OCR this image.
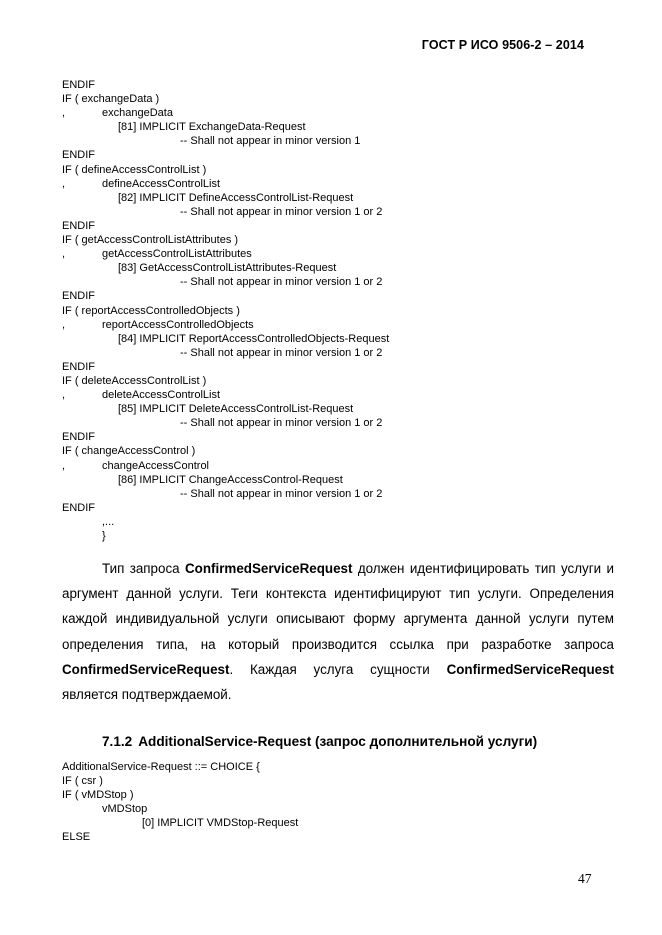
ГОСТ Р ИСО 9506-2 – 2014
ENDIF
IF ( exchangeData )
,	exchangeData
[81] IMPLICIT ExchangeData-Request
-- Shall not appear in minor version 1
ENDIF
IF ( defineAccessControlList )
,	defineAccessControlList
[82] IMPLICIT DefineAccessControlList-Request
-- Shall not appear in minor version 1 or 2
ENDIF
IF ( getAccessControlListAttributes )
,	getAccessControlListAttributes
[83] GetAccessControlListAttributes-Request
-- Shall not appear in minor version 1 or 2
ENDIF
IF ( reportAccessControlledObjects )
,	reportAccessControlledObjects
[84] IMPLICIT ReportAccessControlledObjects-Request
-- Shall not appear in minor version 1 or 2
ENDIF
IF ( deleteAccessControlList )
,	deleteAccessControlList
[85] IMPLICIT DeleteAccessControlList-Request
-- Shall not appear in minor version 1 or 2
ENDIF
IF ( changeAccessControl )
,	changeAccessControl
[86] IMPLICIT ChangeAccessControl-Request
-- Shall not appear in minor version 1 or 2
ENDIF
,...
}

Тип запроса ConfirmedServiceRequest должен идентифицировать тип услуги и аргумент данной услуги. Теги контекста идентифицируют тип услуги. Определения каждой индивидуальной услуги описывают форму аргумента данной услуги путем определения типа, на который производится ссылка при разработке запроса ConfirmedServiceRequest. Каждая услуга сущности ConfirmedServiceRequest является подтверждаемой.

7.1.2 AdditionalService-Request (запрос дополнительной услуги)
AdditionalService-Request ::= CHOICE {
IF ( csr )
IF ( vMDStop )
vMDStop
[0] IMPLICIT VMDStop-Request
ELSE
47
